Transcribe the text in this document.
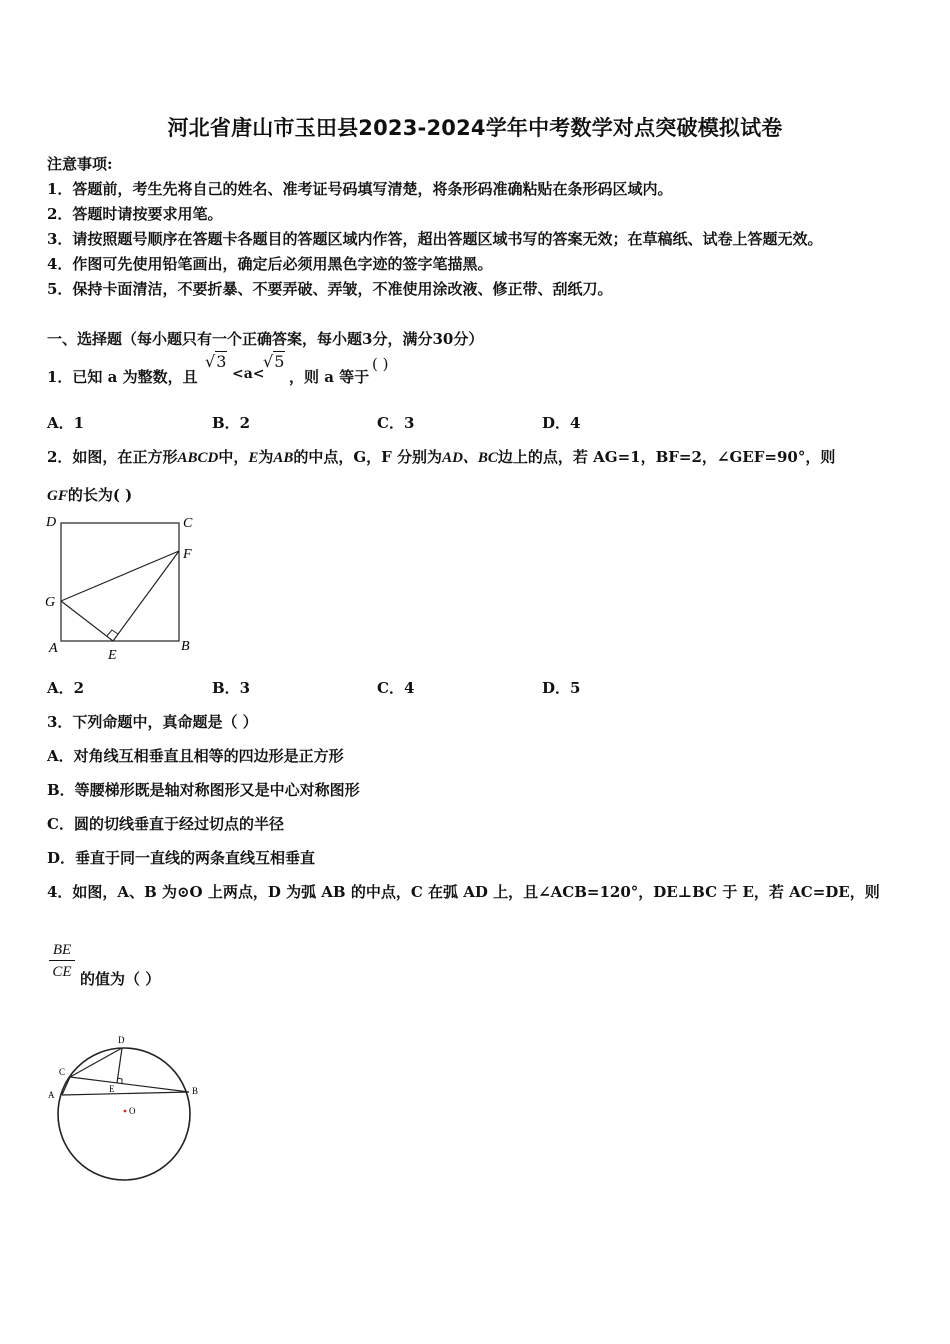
河北省唐山市玉田县2023-2024学年中考数学对点突破模拟试卷
注意事项:
1．答题前，考生先将自己的姓名、准考证号码填写清楚，将条形码准确粘贴在条形码区域内。
2．答题时请按要求用笔。
3．请按照题号顺序在答题卡各题目的答题区域内作答，超出答题区域书写的答案无效；在草稿纸、试卷上答题无效。
4．作图可先使用铅笔画出，确定后必须用黑色字迹的签字笔描黑。
5．保持卡面清洁，不要折暴、不要弄破、弄皱，不准使用涂改液、修正带、刮纸刀。
一、选择题（每小题只有一个正确答案，每小题3分，满分30分）
1．已知 a 为整数，且
√3
<a<
√5
，则 a 等于
( )
A．1	B．2	C．3	D．4
2．如图，在正方形ABCD中，E为AB的中点，G，F 分别为AD、BC边上的点，若 AG=1，BF=2，∠GEF=90°，则
GF的长为( )
D	C
F
G
A	E
B
A．2	B．3	C．4	D．5
3．下列命题中，真命题是（ ）
A．对角线互相垂直且相等的四边形是正方形
B．等腰梯形既是轴对称图形又是中心对称图形
C．圆的切线垂直于经过切点的半径
D．垂直于同一直线的两条直线互相垂直
4．如图，A、B 为⊙O 上两点，D 为弧 AB 的中点，C 在弧 AD 上，且∠ACB=120°，DE⊥BC 于 E，若 AC=DE，则
$\frac{BE}{CE}$ 的值为（ ）
D
C
A
E	B
O
